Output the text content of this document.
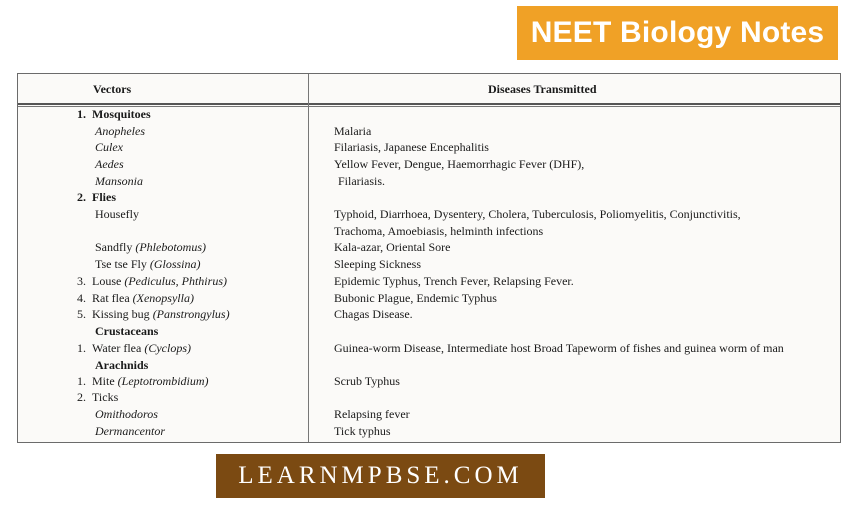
NEET Biology Notes
Vectors	Diseases Transmitted
1. Mosquitoes
Anopheles
Culex
Aedes
Mansonia
2. Flies
Housefly
Sandfly (Phlebotomus)
Tse tse Fly (Glossina)
3. Louse (Pediculus, Phthirus)
4. Rat flea (Xenopsylla)
5. Kissing bug (Panstrongylus)
Crustaceans
1. Water flea (Cyclops)
Arachnids
1. Mite (Leptotrombidium)
2. Ticks
Omithodoros
Dermancentor
Malaria
Filariasis, Japanese Encephalitis
Yellow Fever, Dengue, Haemorrhagic Fever (DHF),
Filariasis.
Typhoid, Diarrhoea, Dysentery, Cholera, Tuberculosis, Poliomyelitis, Conjunctivitis,
Trachoma, Amoebiasis, helminth infections
Kala-azar, Oriental Sore
Sleeping Sickness
Epidemic Typhus, Trench Fever, Relapsing Fever.
Bubonic Plague, Endemic Typhus
Chagas Disease.
Guinea-worm Disease, Intermediate host Broad Tapeworm of fishes and guinea worm of man
Scrub Typhus
Relapsing fever
Tick typhus
LEARNMPBSE.COM
